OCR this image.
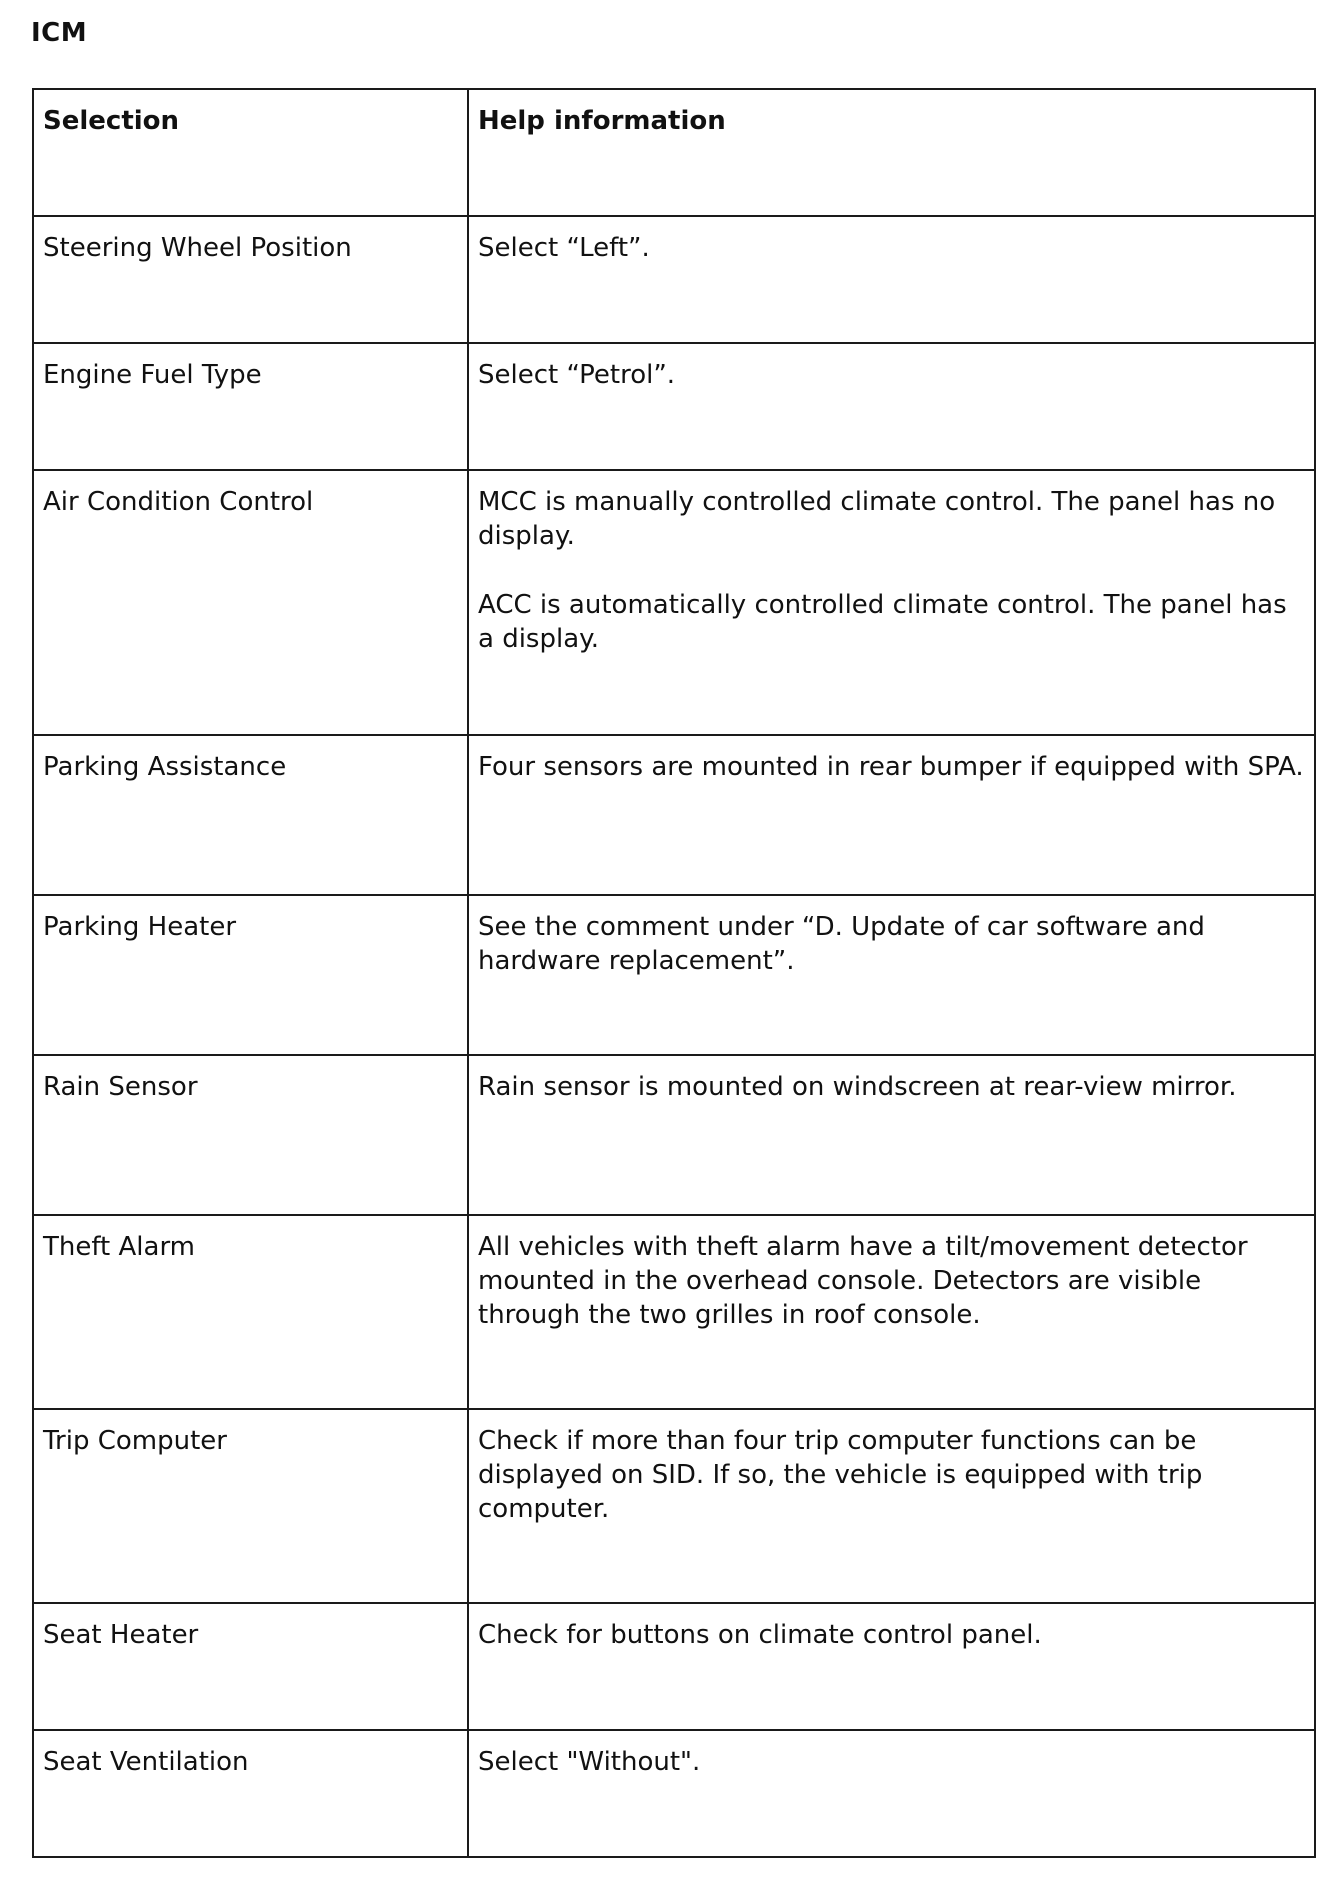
ICM
Selection	Help information
Steering Wheel Position	Select “Left”.

Engine Fuel Type	Select “Petrol”.

Air Condition Control	MCC is manually controlled climate control. The panel has no display.

ACC is automatically controlled climate control. The panel has a display.

Parking Assistance	Four sensors are mounted in rear bumper if equipped with SPA.

Parking Heater	See the comment under “D. Update of car software and hardware replacement”.

Rain Sensor	Rain sensor is mounted on windscreen at rear-view mirror.

Theft Alarm	All vehicles with theft alarm have a tilt/movement detector mounted in the overhead console. Detectors are visible through the two grilles in roof console.

Trip Computer	Check if more than four trip computer functions can be displayed on SID. If so, the vehicle is equipped with trip computer.

Seat Heater	Check for buttons on climate control panel.

Seat Ventilation	Select "Without".
